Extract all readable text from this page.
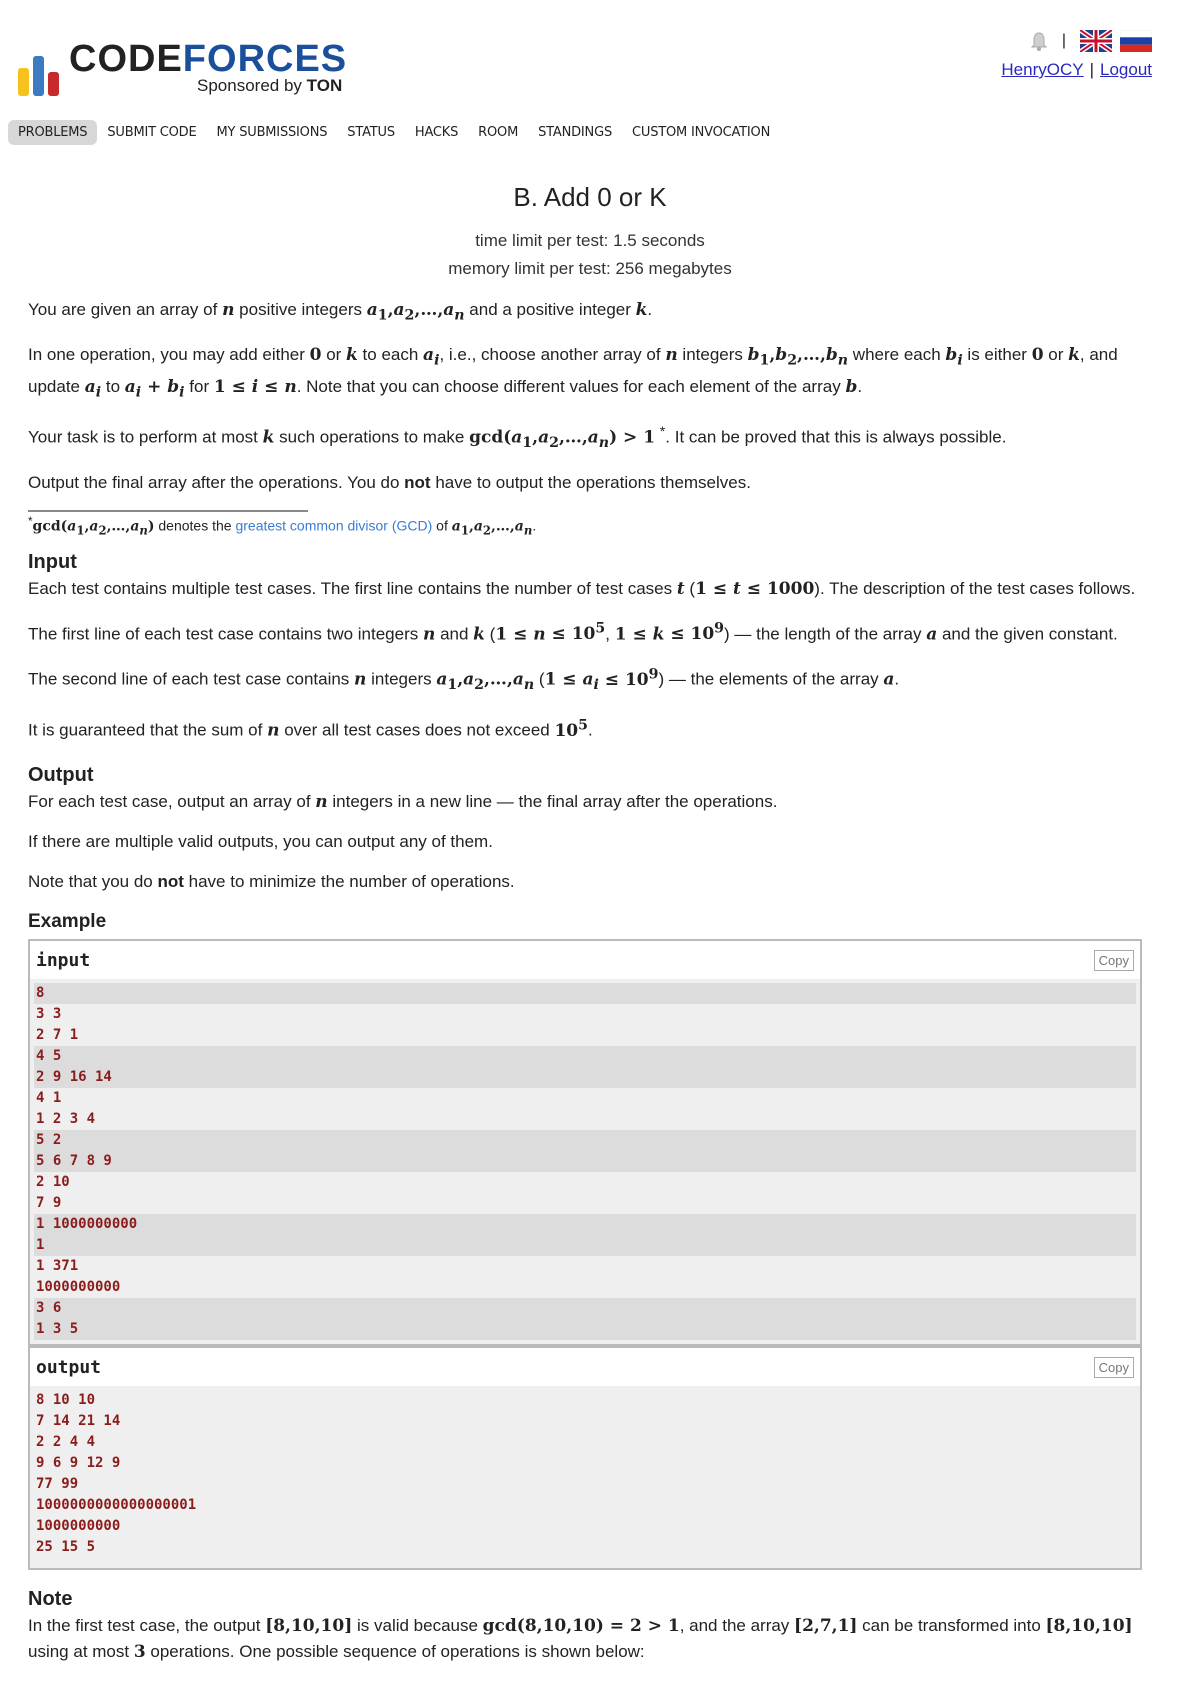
CODEFORCES
Sponsored by TON
|
HenryOCY | Logout
PROBLEMS	SUBMIT CODE	MY SUBMISSIONS	STATUS	HACKS	ROOM	STANDINGS	CUSTOM INVOCATION
B. Add 0 or K
time limit per test: 1.5 seconds
memory limit per test: 256 megabytes

You are given an array of n positive integers $a_1,a_2,\dots,a_n$ and a positive integer k.

In one operation, you may add either 0 or k to each $a_i$, i.e., choose another array of n integers $b_1,b_2,\dots,b_n$ where each $b_i$ is either 0 or k, and update $a_i$ to $a_i + b_i$ for 1 ≤ i ≤ n. Note that you can choose different values for each element of the array b.

Your task is to perform at most k such operations to make $\gcd(a_1,a_2,\dots,a_n) > 1$ *. It can be proved that this is always possible.

Output the final array after the operations. You do not have to output the operations themselves.

$^*\gcd(a_1,a_2,\dots,a_n)$ denotes the greatest common divisor (GCD) of $a_1,a_2,\dots,a_n$.

Input

Each test contains multiple test cases. The first line contains the number of test cases t (1 ≤ t ≤ 1000). The description of the test cases follows.

The first line of each test case contains two integers n and k ($1 \le n \le 10^5$, $1 \le k \le 10^9$) — the length of the array a and the given constant.

The second line of each test case contains n integers $a_1,a_2,\dots,a_n$ $(1 \le a_i \le 10^9)$ — the elements of the array a.

It is guaranteed that the sum of n over all test cases does not exceed $10^5$.

Output

For each test case, output an array of n integers in a new line — the final array after the operations.

If there are multiple valid outputs, you can output any of them.

Note that you do not have to minimize the number of operations.

Example
input	Copy
8
3 3
2 7 1
4 5
2 9 16 14
4 1
1 2 3 4
5 2
5 6 7 8 9
2 10
7 9
1 1000000000
1
1 371
1000000000
3 6
1 3 5
output	Copy
8 10 10
7 14 21 14
2 2 4 4
9 6 9 12 9
77 99
1000000000000000001
1000000000
25 15 5
Note

In the first test case, the output [8,10,10] is valid because gcd(8,10,10) = 2 > 1, and the array [2,7,1] can be transformed into [8,10,10] using at most 3 operations. One possible sequence of operations is shown below:
